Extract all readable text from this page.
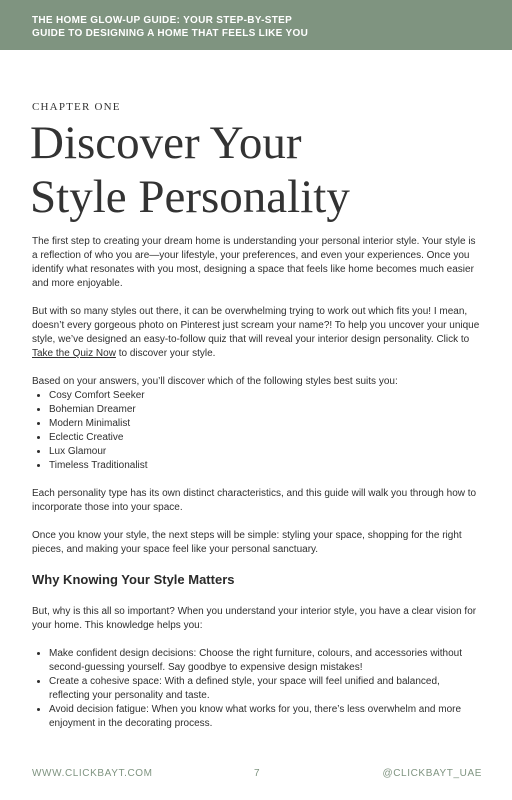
THE HOME GLOW-UP GUIDE: YOUR STEP-BY-STEP
GUIDE TO DESIGNING A HOME THAT FEELS LIKE YOU

CHAPTER ONE
Discover Your
Style Personality

The first step to creating your dream home is understanding your personal interior style. Your style is a reflection of who you are—your lifestyle, your preferences, and even your experiences. Once you identify what resonates with you most, designing a space that feels like home becomes much easier and more enjoyable.

But with so many styles out there, it can be overwhelming trying to work out which fits you! I mean, doesn’t every gorgeous photo on Pinterest just scream your name?! To help you uncover your unique style, we’ve designed an easy-to-follow quiz that will reveal your interior design personality. Click to Take the Quiz Now to discover your style.

Based on your answers, you’ll discover which of the following styles best suits you:
• Cosy Comfort Seeker
• Bohemian Dreamer
• Modern Minimalist
• Eclectic Creative
• Lux Glamour
• Timeless Traditionalist

Each personality type has its own distinct characteristics, and this guide will walk you through how to incorporate those into your space.

Once you know your style, the next steps will be simple: styling your space, shopping for the right pieces, and making your space feel like your personal sanctuary.

Why Knowing Your Style Matters

But, why is this all so important? When you understand your interior style, you have a clear vision for your home. This knowledge helps you:

• Make confident design decisions: Choose the right furniture, colours, and accessories without second-guessing yourself. Say goodbye to expensive design mistakes!
• Create a cohesive space: With a defined style, your space will feel unified and balanced, reflecting your personality and taste.
• Avoid decision fatigue: When you know what works for you, there’s less overwhelm and more enjoyment in the decorating process.
WWW.CLICKBAYT.COM	7	@CLICKBAYT_UAE
